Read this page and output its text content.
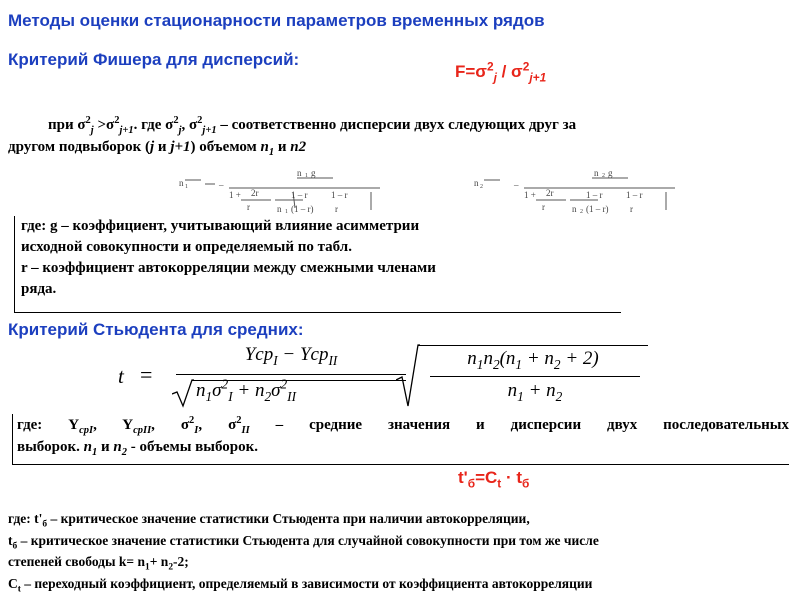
Методы оценки стационарности параметров временных рядов
Критерий Фишера для дисперсий:
$F=\sigma^2_j / \sigma^2_{j+1}$
при $\sigma^2_j >\sigma^2_{j+1}$. где $\sigma^2_j$, $\sigma^2_{j+1}$ – соответственно дисперсии двух следующих друг за
другом подвыборок (j и j+1) объемом $n_1$ и n2
n 1	–
n 1 g
1 + 2r	1 – r	1 – r
r	n 1 (1 – r) r
n 2	–
n 2 g
1 + 2r	1 – r	1 – r
r	n 2 (1 – r) r
где: g – коэффициент, учитывающий влияние асимметрии
исходной совокупности и определяемый по табл.
r – коэффициент автокорреляции между смежными членами
ряда.
Критерий Стьюдента для средних:
t =
Ycp$_I$ − Ycp$_{II}$
$n_1\sigma^2_I + n_2\sigma^2_{II}$
$n_1n_2(n_1 + n_2 + 2)$
$n_1 + n_2$
где: $Y_{срI}$, $Y_{срII}$, $\sigma^2_I$, $\sigma^2_{II}$ – средние значения и дисперсии двух последовательных
выборок. $n_1$ и $n_2$ - объемы выборок.
$t'_б=C_t \cdot t_б$
где: $t'_б$ – критическое значение статистики Стьюдента при наличии автокорреляции,
$t_б$ – критическое значение статистики Стьюдента для случайной совокупности при том же числе
степеней свободы $k= n_1+ n_2-2$;
$C_t$ – переходный коэффициент, определяемый в зависимости от коэффициента автокорреляции
